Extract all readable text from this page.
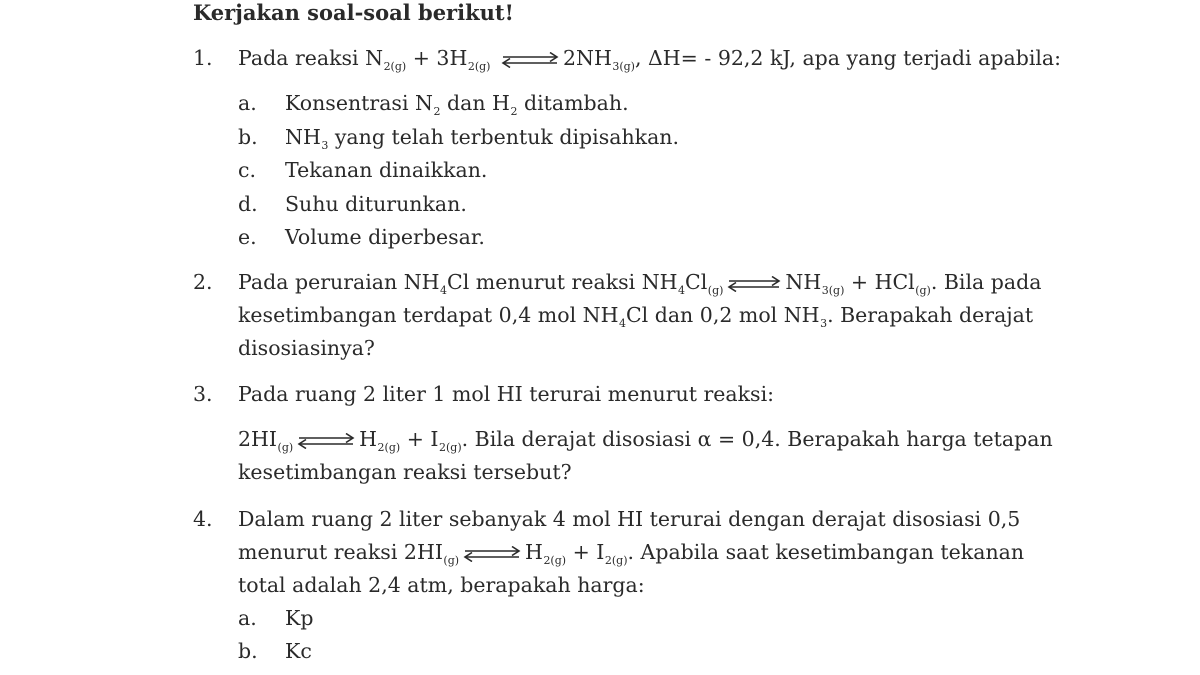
Kerjakan soal-soal berikut!
1. Pada reaksi $N_{2(g)} + 3H_{2(g)}$ ⇌ $2NH_{3(g)}$, ΔH= - 92,2 kJ, apa yang terjadi apabila:
a. Konsentrasi $N_2$ dan $H_2$ ditambah.
b. $NH_3$ yang telah terbentuk dipisahkan.
c. Tekanan dinaikkan.
d. Suhu diturunkan.
e. Volume diperbesar.
2. Pada peruraian $NH_4Cl$ menurut reaksi $NH_4Cl_{(g)}$ ⇌ $NH_{3(g)} + HCl_{(g)}$. Bila pada
kesetimbangan terdapat 0,4 mol $NH_4Cl$ dan 0,2 mol $NH_3$. Berapakah derajat
disosiasinya?
3. Pada ruang 2 liter 1 mol HI terurai menurut reaksi:
$2HI_{(g)}$ ⇌ $H_{2(g)} + I_{2(g)}$. Bila derajat disosiasi α = 0,4. Berapakah harga tetapan
kesetimbangan reaksi tersebut?
4. Dalam ruang 2 liter sebanyak 4 mol HI terurai dengan derajat disosiasi 0,5
menurut reaksi $2HI_{(g)}$ ⇌ $H_{2(g)} + I_{2(g)}$. Apabila saat kesetimbangan tekanan
total adalah 2,4 atm, berapakah harga:
a. Kp
b. Kc
